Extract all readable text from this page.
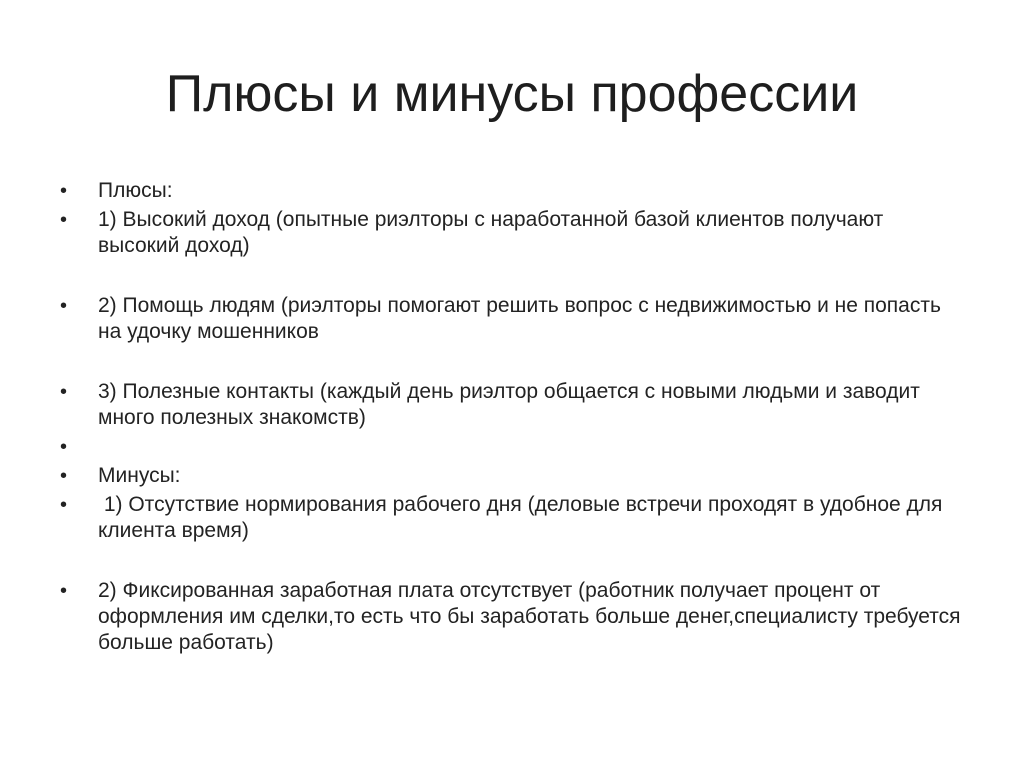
Плюсы и минусы профессии
•	Плюсы:
•	1) Высокий доход (опытные риэлторы с наработанной базой клиентов получают высокий доход)
•	2) Помощь людям (риэлторы помогают решить вопрос с недвижимостью и не попасть на удочку мошенников
•	3) Полезные контакты (каждый день риэлтор общается с новыми людьми и заводит много полезных знакомств)
•
•	Минусы:
•	1) Отсутствие нормирования рабочего дня (деловые встречи проходят в удобное для клиента время)
•	2) Фиксированная заработная плата отсутствует (работник получает процент от оформления им сделки,то есть что бы заработать больше денег,специалисту требуется больше работать)
